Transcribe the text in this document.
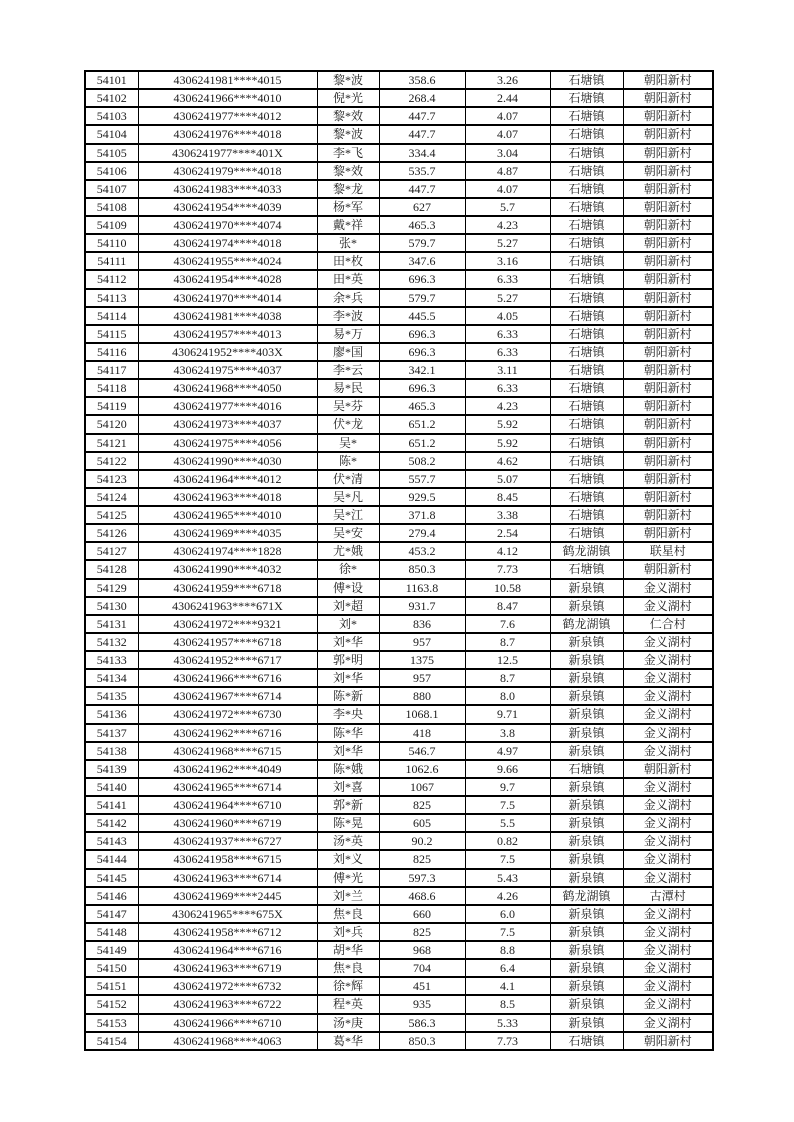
54101	4306241981****4015	黎*波	358.6	3.26	石塘镇	朝阳新村
54102	4306241966****4010	倪*光	268.4	2.44	石塘镇	朝阳新村
54103	4306241977****4012	黎*效	447.7	4.07	石塘镇	朝阳新村
54104	4306241976****4018	黎*波	447.7	4.07	石塘镇	朝阳新村
54105	4306241977****401X	李*飞	334.4	3.04	石塘镇	朝阳新村
54106	4306241979****4018	黎*效	535.7	4.87	石塘镇	朝阳新村
54107	4306241983****4033	黎*龙	447.7	4.07	石塘镇	朝阳新村
54108	4306241954****4039	杨*军	627	5.7	石塘镇	朝阳新村
54109	4306241970****4074	戴*祥	465.3	4.23	石塘镇	朝阳新村
54110	4306241974****4018	张*	579.7	5.27	石塘镇	朝阳新村
54111	4306241955****4024	田*枚	347.6	3.16	石塘镇	朝阳新村
54112	4306241954****4028	田*英	696.3	6.33	石塘镇	朝阳新村
54113	4306241970****4014	余*兵	579.7	5.27	石塘镇	朝阳新村
54114	4306241981****4038	李*波	445.5	4.05	石塘镇	朝阳新村
54115	4306241957****4013	易*万	696.3	6.33	石塘镇	朝阳新村
54116	4306241952****403X	廖*国	696.3	6.33	石塘镇	朝阳新村
54117	4306241975****4037	李*云	342.1	3.11	石塘镇	朝阳新村
54118	4306241968****4050	易*民	696.3	6.33	石塘镇	朝阳新村
54119	4306241977****4016	吴*芬	465.3	4.23	石塘镇	朝阳新村
54120	4306241973****4037	伏*龙	651.2	5.92	石塘镇	朝阳新村
54121	4306241975****4056	吴*	651.2	5.92	石塘镇	朝阳新村
54122	4306241990****4030	陈*	508.2	4.62	石塘镇	朝阳新村
54123	4306241964****4012	伏*清	557.7	5.07	石塘镇	朝阳新村
54124	4306241963****4018	吴*凡	929.5	8.45	石塘镇	朝阳新村
54125	4306241965****4010	吴*江	371.8	3.38	石塘镇	朝阳新村
54126	4306241969****4035	吴*安	279.4	2.54	石塘镇	朝阳新村
54127	4306241974****1828	尤*娥	453.2	4.12	鹤龙湖镇	联星村
54128	4306241990****4032	徐*	850.3	7.73	石塘镇	朝阳新村
54129	4306241959****6718	傅*设	1163.8	10.58	新泉镇	金义湖村
54130	4306241963****671X	刘*超	931.7	8.47	新泉镇	金义湖村
54131	4306241972****9321	刘*	836	7.6	鹤龙湖镇	仁合村
54132	4306241957****6718	刘*华	957	8.7	新泉镇	金义湖村
54133	4306241952****6717	郭*明	1375	12.5	新泉镇	金义湖村
54134	4306241966****6716	刘*华	957	8.7	新泉镇	金义湖村
54135	4306241967****6714	陈*新	880	8.0	新泉镇	金义湖村
54136	4306241972****6730	李*央	1068.1	9.71	新泉镇	金义湖村
54137	4306241962****6716	陈*华	418	3.8	新泉镇	金义湖村
54138	4306241968****6715	刘*华	546.7	4.97	新泉镇	金义湖村
54139	4306241962****4049	陈*娥	1062.6	9.66	石塘镇	朝阳新村
54140	4306241965****6714	刘*喜	1067	9.7	新泉镇	金义湖村
54141	4306241964****6710	郭*新	825	7.5	新泉镇	金义湖村
54142	4306241960****6719	陈*晃	605	5.5	新泉镇	金义湖村
54143	4306241937****6727	汤*英	90.2	0.82	新泉镇	金义湖村
54144	4306241958****6715	刘*义	825	7.5	新泉镇	金义湖村
54145	4306241963****6714	傅*光	597.3	5.43	新泉镇	金义湖村
54146	4306241969****2445	刘*兰	468.6	4.26	鹤龙湖镇	古潭村
54147	4306241965****675X	焦*良	660	6.0	新泉镇	金义湖村
54148	4306241958****6712	刘*兵	825	7.5	新泉镇	金义湖村
54149	4306241964****6716	胡*华	968	8.8	新泉镇	金义湖村
54150	4306241963****6719	焦*良	704	6.4	新泉镇	金义湖村
54151	4306241972****6732	徐*辉	451	4.1	新泉镇	金义湖村
54152	4306241963****6722	程*英	935	8.5	新泉镇	金义湖村
54153	4306241966****6710	汤*庚	586.3	5.33	新泉镇	金义湖村
54154	4306241968****4063	葛*华	850.3	7.73	石塘镇	朝阳新村
